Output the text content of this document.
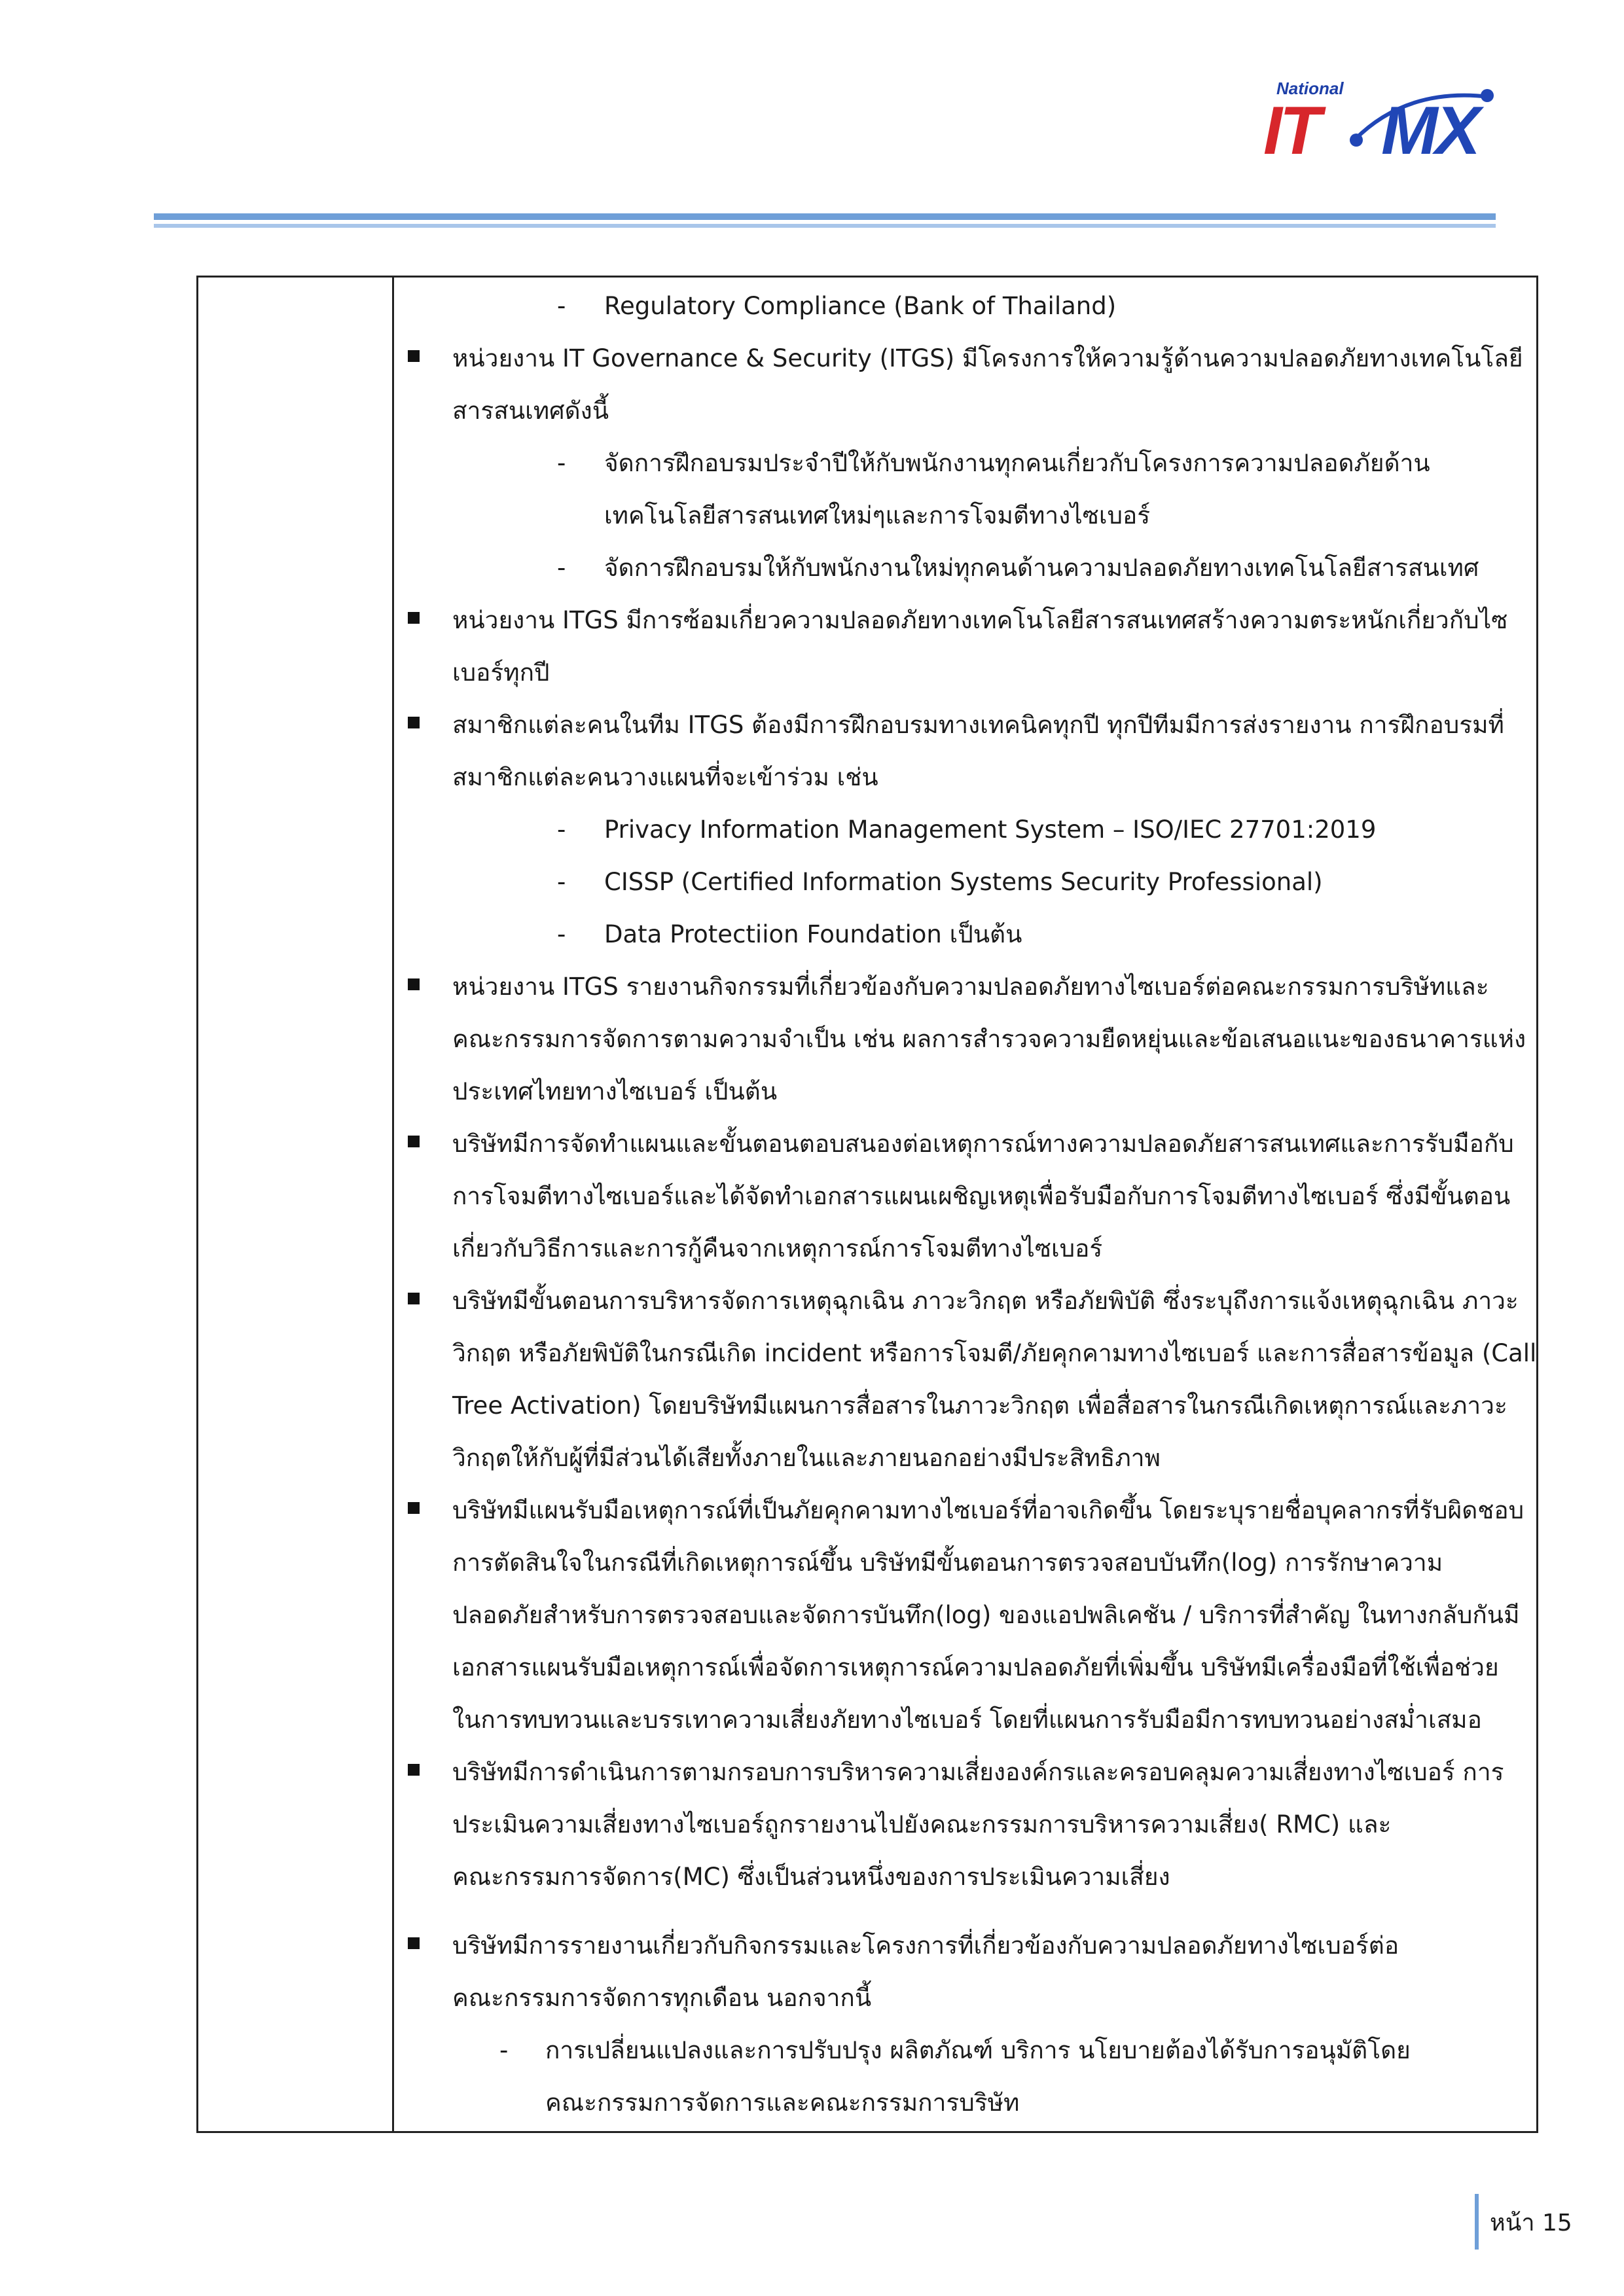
National
IT MX
- Regulatory Compliance (Bank of Thailand)
หน่วยงาน IT Governance & Security (ITGS) มีโครงการให้ความรู้ด้านความปลอดภัยทางเทคโนโลยี
สารสนเทศดังนี้
- จัดการฝึกอบรมประจำปีให้กับพนักงานทุกคนเกี่ยวกับโครงการความปลอดภัยด้าน
เทคโนโลยีสารสนเทศใหม่ๆและการโจมตีทางไซเบอร์
- จัดการฝึกอบรมให้กับพนักงานใหม่ทุกคนด้านความปลอดภัยทางเทคโนโลยีสารสนเทศ
หน่วยงาน ITGS มีการซ้อมเกี่ยวความปลอดภัยทางเทคโนโลยีสารสนเทศสร้างความตระหนักเกี่ยวกับไซ
เบอร์ทุกปี
สมาชิกแต่ละคนในทีม ITGS ต้องมีการฝึกอบรมทางเทคนิคทุกปี ทุกปีทีมมีการส่งรายงาน การฝึกอบรมที่
สมาชิกแต่ละคนวางแผนที่จะเข้าร่วม เช่น
- Privacy Information Management System – ISO/IEC 27701:2019
- CISSP (Certified Information Systems Security Professional)
- Data Protectiion Foundation เป็นต้น
หน่วยงาน ITGS รายงานกิจกรรมที่เกี่ยวข้องกับความปลอดภัยทางไซเบอร์ต่อคณะกรรมการบริษัทและ
คณะกรรมการจัดการตามความจำเป็น เช่น ผลการสำรวจความยืดหยุ่นและข้อเสนอแนะของธนาคารแห่ง
ประเทศไทยทางไซเบอร์ เป็นต้น
บริษัทมีการจัดทำแผนและขั้นตอนตอบสนองต่อเหตุการณ์ทางความปลอดภัยสารสนเทศและการรับมือกับ
การโจมตีทางไซเบอร์และได้จัดทำเอกสารแผนเผชิญเหตุเพื่อรับมือกับการโจมตีทางไซเบอร์ ซึ่งมีขั้นตอน
เกี่ยวกับวิธีการและการกู้คืนจากเหตุการณ์การโจมตีทางไซเบอร์
บริษัทมีขั้นตอนการบริหารจัดการเหตุฉุกเฉิน ภาวะวิกฤต หรือภัยพิบัติ ซึ่งระบุถึงการแจ้งเหตุฉุกเฉิน ภาวะ
วิกฤต หรือภัยพิบัติในกรณีเกิด incident หรือการโจมตี/ภัยคุกคามทางไซเบอร์ และการสื่อสารข้อมูล (Call
Tree Activation) โดยบริษัทมีแผนการสื่อสารในภาวะวิกฤต เพื่อสื่อสารในกรณีเกิดเหตุการณ์และภาวะ
วิกฤตให้กับผู้ที่มีส่วนได้เสียทั้งภายในและภายนอกอย่างมีประสิทธิภาพ
บริษัทมีแผนรับมือเหตุการณ์ที่เป็นภัยคุกคามทางไซเบอร์ที่อาจเกิดขึ้น โดยระบุรายชื่อบุคลากรที่รับผิดชอบ
การตัดสินใจในกรณีที่เกิดเหตุการณ์ขึ้น บริษัทมีขั้นตอนการตรวจสอบบันทึก(log) การรักษาความ
ปลอดภัยสำหรับการตรวจสอบและจัดการบันทึก(log) ของแอปพลิเคชัน / บริการที่สำคัญ ในทางกลับกันมี
เอกสารแผนรับมือเหตุการณ์เพื่อจัดการเหตุการณ์ความปลอดภัยที่เพิ่มขึ้น บริษัทมีเครื่องมือที่ใช้เพื่อช่วย
ในการทบทวนและบรรเทาความเสี่ยงภัยทางไซเบอร์ โดยที่แผนการรับมือมีการทบทวนอย่างสม่ำเสมอ
บริษัทมีการดำเนินการตามกรอบการบริหารความเสี่ยงองค์กรและครอบคลุมความเสี่ยงทางไซเบอร์ การ
ประเมินความเสี่ยงทางไซเบอร์ถูกรายงานไปยังคณะกรรมการบริหารความเสี่ยง( RMC) และ
คณะกรรมการจัดการ(MC) ซึ่งเป็นส่วนหนึ่งของการประเมินความเสี่ยง
บริษัทมีการรายงานเกี่ยวกับกิจกรรมและโครงการที่เกี่ยวข้องกับความปลอดภัยทางไซเบอร์ต่อ
คณะกรรมการจัดการทุกเดือน นอกจากนี้
- การเปลี่ยนแปลงและการปรับปรุง ผลิตภัณฑ์ บริการ นโยบายต้องได้รับการอนุมัติโดย
คณะกรรมการจัดการและคณะกรรมการบริษัท
หน้า 15
